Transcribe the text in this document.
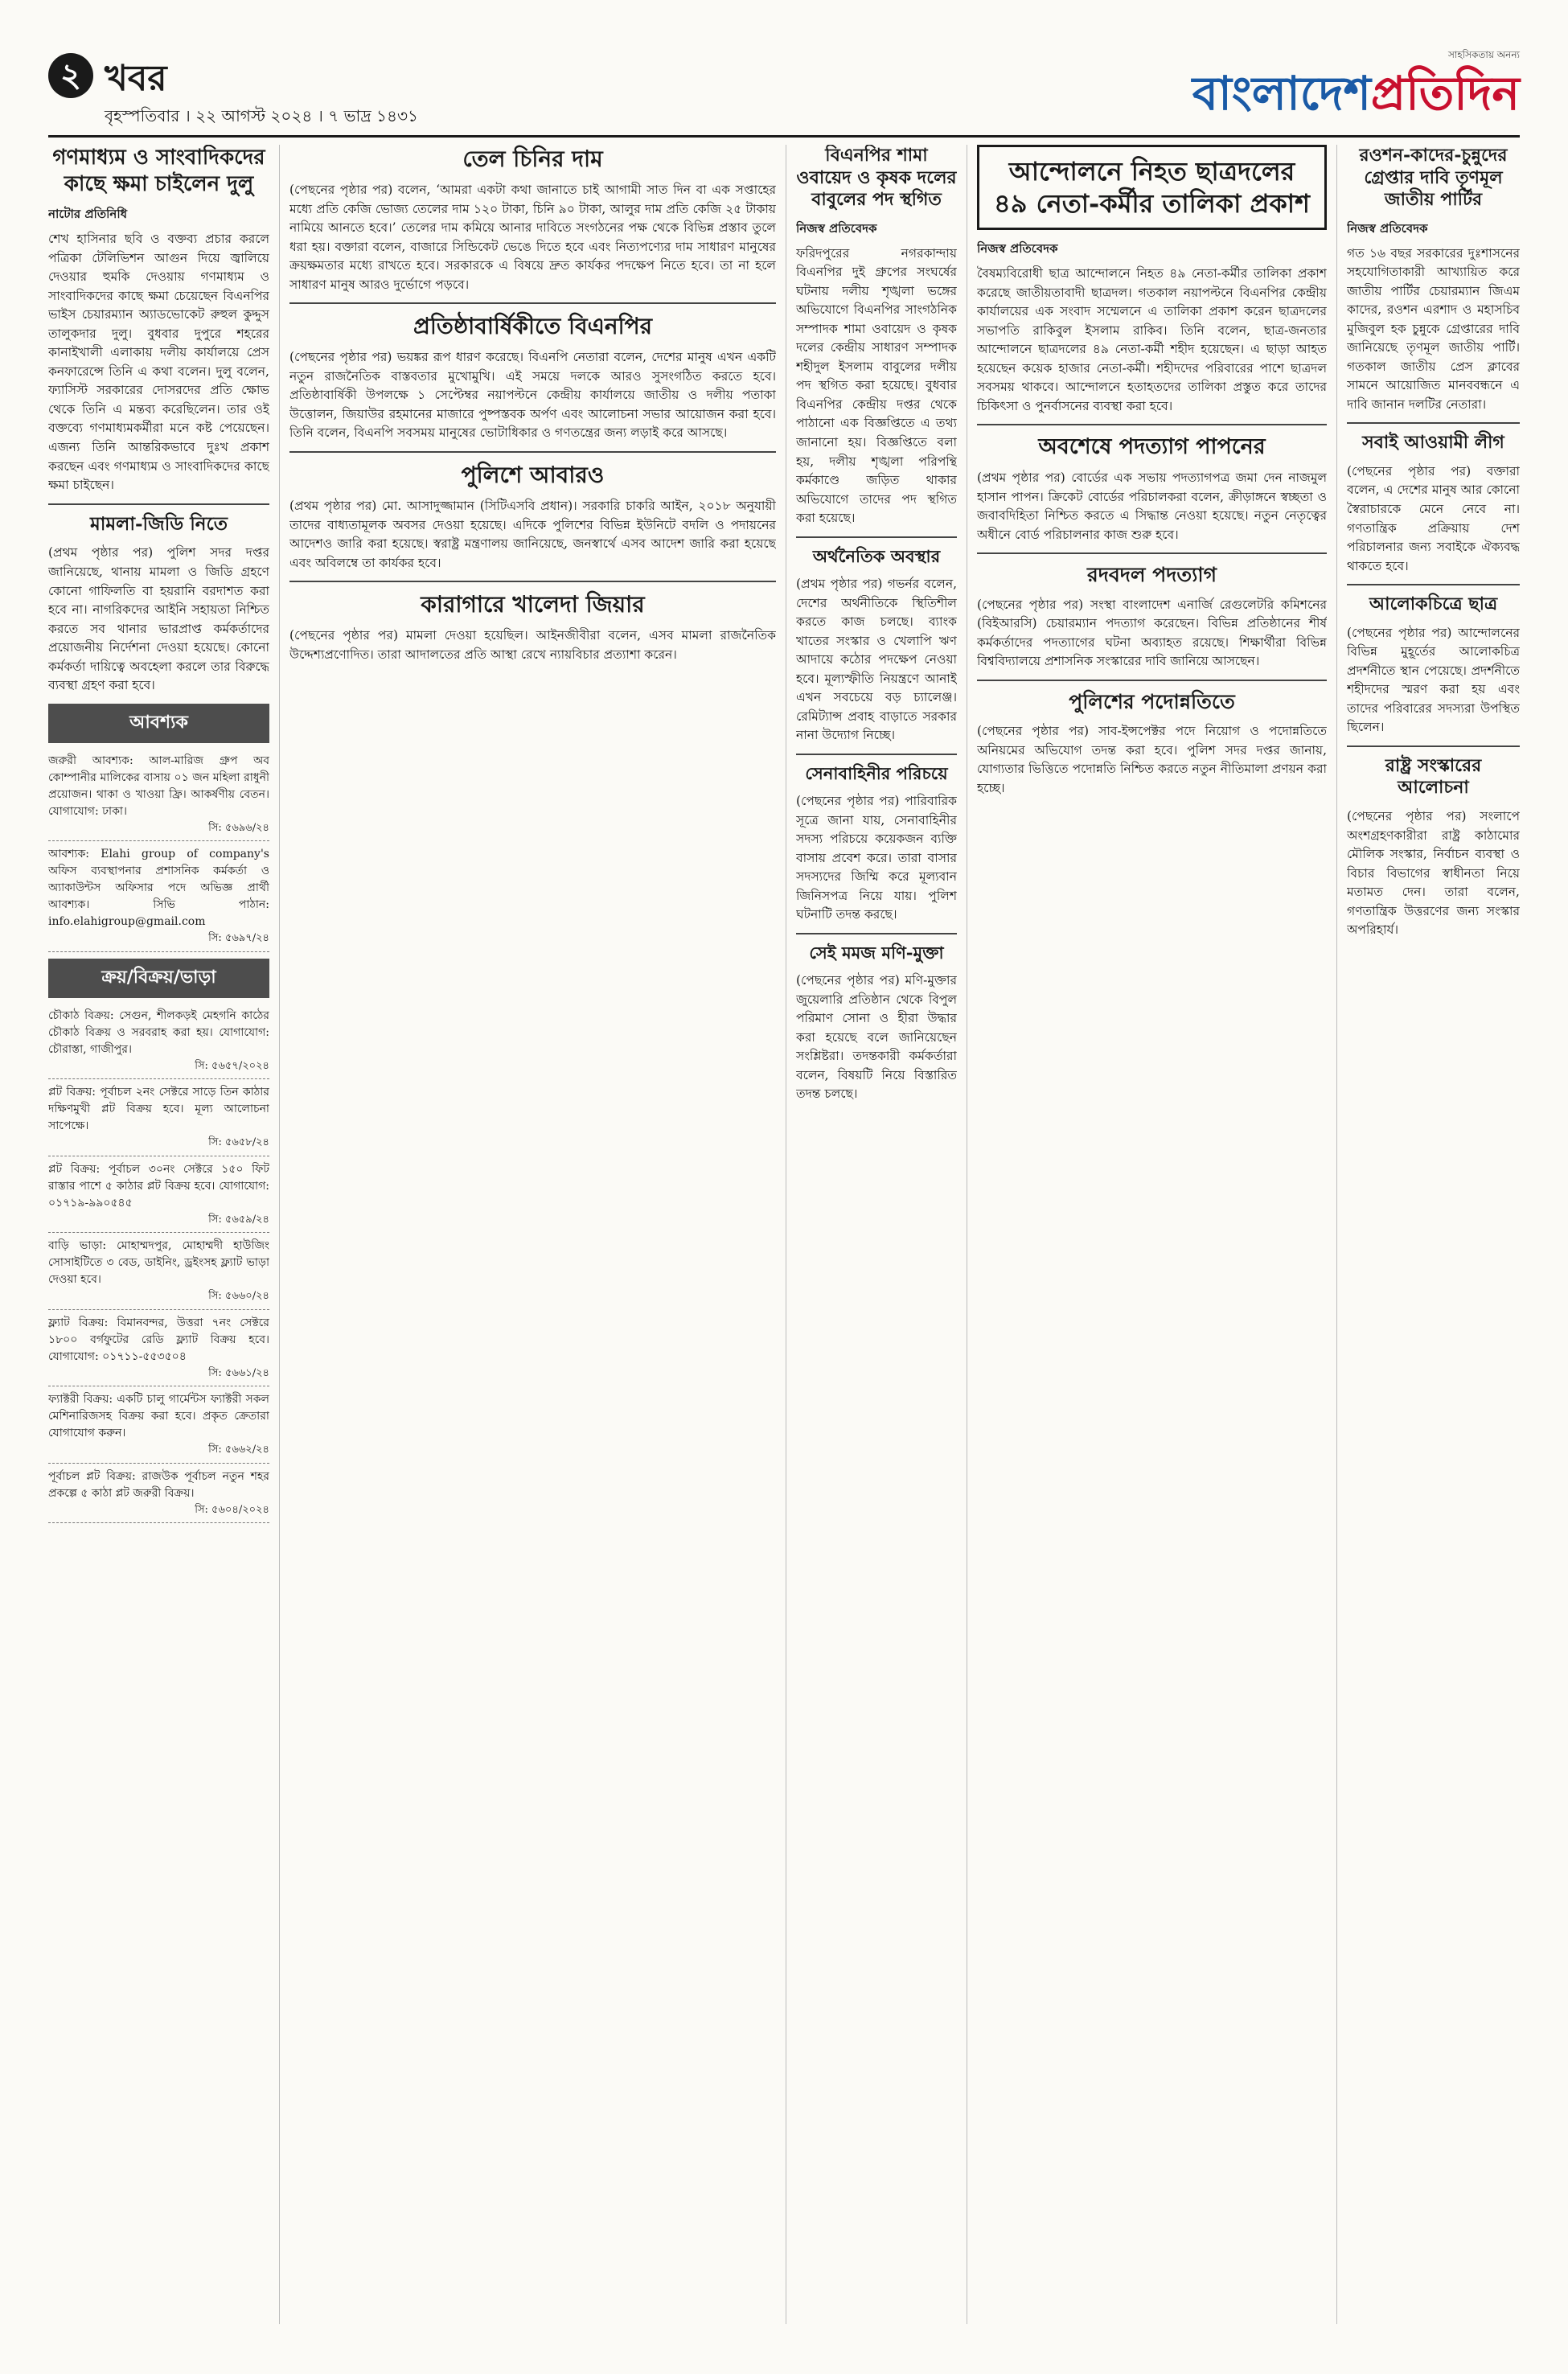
২ খবর
বৃহস্পতিবার । ২২ আগস্ট ২০২৪ । ৭ ভাদ্র ১৪৩১
সাহসিকতায় অনন্য
বাংলাদেশপ্রতিদিন
গণমাধ্যম ও সাংবাদিকদের কাছে ক্ষমা চাইলেন দুলু
নাটোর প্রতিনিধি

শেখ হাসিনার ছবি ও বক্তব্য প্রচার করলে পত্রিকা টেলিভিশন আগুন দিয়ে জ্বালিয়ে দেওয়ার হুমকি দেওয়ায় গণমাধ্যম ও সাংবাদিকদের কাছে ক্ষমা চেয়েছেন বিএনপির ভাইস চেয়ারম্যান অ্যাডভোকেট রুহুল কুদ্দুস তালুকদার দুলু। বুধবার দুপুরে শহরের কানাইখালী এলাকায় দলীয় কার্যালয়ে প্রেস কনফারেন্সে তিনি এ কথা বলেন। দুলু বলেন, ফ্যাসিস্ট সরকারের দোসরদের প্রতি ক্ষোভ থেকে তিনি এ মন্তব্য করেছিলেন। তার ওই বক্তব্যে গণমাধ্যমকর্মীরা মনে কষ্ট পেয়েছেন। এজন্য তিনি আন্তরিকভাবে দুঃখ প্রকাশ করছেন এবং গণমাধ্যম ও সাংবাদিকদের কাছে ক্ষমা চাইছেন।

মামলা-জিডি নিতে

(প্রথম পৃষ্ঠার পর) পুলিশ সদর দপ্তর জানিয়েছে, থানায় মামলা ও জিডি গ্রহণে কোনো গাফিলতি বা হয়রানি বরদাশত করা হবে না। নাগরিকদের আইনি সহায়তা নিশ্চিত করতে সব থানার ভারপ্রাপ্ত কর্মকর্তাদের প্রয়োজনীয় নির্দেশনা দেওয়া হয়েছে। কোনো কর্মকর্তা দায়িত্বে অবহেলা করলে তার বিরুদ্ধে ব্যবস্থা গ্রহণ করা হবে।

আবশ্যক
জরুরী আবশ্যক: আল-মারিজ গ্রুপ অব কোম্পানীর মালিকের বাসায় ০১ জন মহিলা রাধুনী প্রয়োজন। থাকা ও খাওয়া ফ্রি। আকর্ষণীয় বেতন। যোগাযোগ: ঢাকা।
সি: ৫৬৯৬/২৪
আবশ্যক: Elahi group of company's অফিস ব্যবস্থাপনার প্রশাসনিক কর্মকর্তা ও অ্যাকাউন্টস অফিসার পদে অভিজ্ঞ প্রার্থী আবশ্যক। সিভি পাঠান: info.elahigroup@gmail.com
সি: ৫৬৯৭/২৪
ক্রয়/বিক্রয়/ভাড়া
চৌকাঠ বিক্রয়: সেগুন, শীলকড়ই মেহগনি কাঠের চৌকাঠ বিক্রয় ও সরবরাহ করা হয়। যোগাযোগ: চৌরাস্তা, গাজীপুর।
সি: ৫৬৫৭/২০২৪
প্লট বিক্রয়: পূর্বাচল ২নং সেক্টরে সাড়ে তিন কাঠার দক্ষিণমুখী প্লট বিক্রয় হবে। মূল্য আলোচনা সাপেক্ষে।
সি: ৫৬৫৮/২৪
প্লট বিক্রয়: পূর্বাচল ৩০নং সেক্টরে ১৫০ ফিট রাস্তার পাশে ৫ কাঠার প্লট বিক্রয় হবে। যোগাযোগ: ০১৭১৯-৯৯০৫৪৫
সি: ৫৬৫৯/২৪
বাড়ি ভাড়া: মোহাম্মদপুর, মোহাম্মদী হাউজিং সোসাইটিতে ৩ বেড, ডাইনিং, ড্রইংসহ ফ্ল্যাট ভাড়া দেওয়া হবে।
সি: ৫৬৬০/২৪
ফ্ল্যাট বিক্রয়: বিমানবন্দর, উত্তরা ৭নং সেক্টরে ১৮০০ বর্গফুটের রেডি ফ্ল্যাট বিক্রয় হবে। যোগাযোগ: ০১৭১১-৫৫৩৫০৪
সি: ৫৬৬১/২৪
ফ্যাক্টরী বিক্রয়: একটি চালু গার্মেন্টস ফ্যাক্টরী সকল মেশিনারিজসহ বিক্রয় করা হবে। প্রকৃত ক্রেতারা যোগাযোগ করুন।
সি: ৫৬৬২/২৪
পূর্বাচল প্লট বিক্রয়: রাজউক পূর্বাচল নতুন শহর প্রকল্পে ৫ কাঠা প্লট জরুরী বিক্রয়।
সি: ৫৬০৪/২০২৪
তেল চিনির দাম

(পেছনের পৃষ্ঠার পর) বলেন, ‘আমরা একটা কথা জানাতে চাই আগামী সাত দিন বা এক সপ্তাহের মধ্যে প্রতি কেজি ভোজ্য তেলের দাম ১২০ টাকা, চিনি ৯০ টাকা, আলুর দাম প্রতি কেজি ২৫ টাকায় নামিয়ে আনতে হবে।’ তেলের দাম কমিয়ে আনার দাবিতে সংগঠনের পক্ষ থেকে বিভিন্ন প্রস্তাব তুলে ধরা হয়। বক্তারা বলেন, বাজারে সিন্ডিকেট ভেঙে দিতে হবে এবং নিত্যপণ্যের দাম সাধারণ মানুষের ক্রয়ক্ষমতার মধ্যে রাখতে হবে। সরকারকে এ বিষয়ে দ্রুত কার্যকর পদক্ষেপ নিতে হবে। তা না হলে সাধারণ মানুষ আরও দুর্ভোগে পড়বে।

প্রতিষ্ঠাবার্ষিকীতে বিএনপির

(পেছনের পৃষ্ঠার পর) ভয়ঙ্কর রূপ ধারণ করেছে। বিএনপি নেতারা বলেন, দেশের মানুষ এখন একটি নতুন রাজনৈতিক বাস্তবতার মুখোমুখি। এই সময়ে দলকে আরও সুসংগঠিত করতে হবে। প্রতিষ্ঠাবার্ষিকী উপলক্ষে ১ সেপ্টেম্বর নয়াপল্টনে কেন্দ্রীয় কার্যালয়ে জাতীয় ও দলীয় পতাকা উত্তোলন, জিয়াউর রহমানের মাজারে পুষ্পস্তবক অর্পণ এবং আলোচনা সভার আয়োজন করা হবে। তিনি বলেন, বিএনপি সবসময় মানুষের ভোটাধিকার ও গণতন্ত্রের জন্য লড়াই করে আসছে।

পুলিশে আবারও

(প্রথম পৃষ্ঠার পর) মো. আসাদুজ্জামান (সিটিএসবি প্রধান)। সরকারি চাকরি আইন, ২০১৮ অনুযায়ী তাদের বাধ্যতামূলক অবসর দেওয়া হয়েছে। এদিকে পুলিশের বিভিন্ন ইউনিটে বদলি ও পদায়নের আদেশও জারি করা হয়েছে। স্বরাষ্ট্র মন্ত্রণালয় জানিয়েছে, জনস্বার্থে এসব আদেশ জারি করা হয়েছে এবং অবিলম্বে তা কার্যকর হবে।

কারাগারে খালেদা জিয়ার

(পেছনের পৃষ্ঠার পর) মামলা দেওয়া হয়েছিল। আইনজীবীরা বলেন, এসব মামলা রাজনৈতিক উদ্দেশ্যপ্রণোদিত। তারা আদালতের প্রতি আস্থা রেখে ন্যায়বিচার প্রত্যাশা করেন।

বিএনপির শামা ওবায়েদ ও কৃষক দলের বাবুলের পদ স্থগিত
নিজস্ব প্রতিবেদক

ফরিদপুরের নগরকান্দায় বিএনপির দুই গ্রুপের সংঘর্ষের ঘটনায় দলীয় শৃঙ্খলা ভঙ্গের অভিযোগে বিএনপির সাংগঠনিক সম্পাদক শামা ওবায়েদ ও কৃষক দলের কেন্দ্রীয় সাধারণ সম্পাদক শহীদুল ইসলাম বাবুলের দলীয় পদ স্থগিত করা হয়েছে। বুধবার বিএনপির কেন্দ্রীয় দপ্তর থেকে পাঠানো এক বিজ্ঞপ্তিতে এ তথ্য জানানো হয়। বিজ্ঞপ্তিতে বলা হয়, দলীয় শৃঙ্খলা পরিপন্থি কর্মকাণ্ডে জড়িত থাকার অভিযোগে তাদের পদ স্থগিত করা হয়েছে।

অর্থনৈতিক অবস্থার

(প্রথম পৃষ্ঠার পর) গভর্নর বলেন, দেশের অর্থনীতিকে স্থিতিশীল করতে কাজ চলছে। ব্যাংক খাতের সংস্কার ও খেলাপি ঋণ আদায়ে কঠোর পদক্ষেপ নেওয়া হবে। মূল্যস্ফীতি নিয়ন্ত্রণে আনাই এখন সবচেয়ে বড় চ্যালেঞ্জ। রেমিট্যান্স প্রবাহ বাড়াতে সরকার নানা উদ্যোগ নিচ্ছে।

সেনাবাহিনীর পরিচয়ে

(পেছনের পৃষ্ঠার পর) পারিবারিক সূত্রে জানা যায়, সেনাবাহিনীর সদস্য পরিচয়ে কয়েকজন ব্যক্তি বাসায় প্রবেশ করে। তারা বাসার সদস্যদের জিম্মি করে মূল্যবান জিনিসপত্র নিয়ে যায়। পুলিশ ঘটনাটি তদন্ত করছে।

সেই মমজ মণি-মুক্তা

(পেছনের পৃষ্ঠার পর) মণি-মুক্তার জুয়েলারি প্রতিষ্ঠান থেকে বিপুল পরিমাণ সোনা ও হীরা উদ্ধার করা হয়েছে বলে জানিয়েছেন সংশ্লিষ্টরা। তদন্তকারী কর্মকর্তারা বলেন, বিষয়টি নিয়ে বিস্তারিত তদন্ত চলছে।

আন্দোলনে নিহত ছাত্রদলের ৪৯ নেতা-কর্মীর তালিকা প্রকাশ
নিজস্ব প্রতিবেদক

বৈষম্যবিরোধী ছাত্র আন্দোলনে নিহত ৪৯ নেতা-কর্মীর তালিকা প্রকাশ করেছে জাতীয়তাবাদী ছাত্রদল। গতকাল নয়াপল্টনে বিএনপির কেন্দ্রীয় কার্যালয়ের এক সংবাদ সম্মেলনে এ তালিকা প্রকাশ করেন ছাত্রদলের সভাপতি রাকিবুল ইসলাম রাকিব। তিনি বলেন, ছাত্র-জনতার আন্দোলনে ছাত্রদলের ৪৯ নেতা-কর্মী শহীদ হয়েছেন। এ ছাড়া আহত হয়েছেন কয়েক হাজার নেতা-কর্মী। শহীদদের পরিবারের পাশে ছাত্রদল সবসময় থাকবে। আন্দোলনে হতাহতদের তালিকা প্রস্তুত করে তাদের চিকিৎসা ও পুনর্বাসনের ব্যবস্থা করা হবে।

অবশেষে পদত্যাগ পাপনের

(প্রথম পৃষ্ঠার পর) বোর্ডের এক সভায় পদত্যাগপত্র জমা দেন নাজমুল হাসান পাপন। ক্রিকেট বোর্ডের পরিচালকরা বলেন, ক্রীড়াঙ্গনে স্বচ্ছতা ও জবাবদিহিতা নিশ্চিত করতে এ সিদ্ধান্ত নেওয়া হয়েছে। নতুন নেতৃত্বের অধীনে বোর্ড পরিচালনার কাজ শুরু হবে।

রদবদল পদত্যাগ

(পেছনের পৃষ্ঠার পর) সংস্থা বাংলাদেশ এনার্জি রেগুলেটরি কমিশনের (বিইআরসি) চেয়ারম্যান পদত্যাগ করেছেন। বিভিন্ন প্রতিষ্ঠানের শীর্ষ কর্মকর্তাদের পদত্যাগের ঘটনা অব্যাহত রয়েছে। শিক্ষার্থীরা বিভিন্ন বিশ্ববিদ্যালয়ে প্রশাসনিক সংস্কারের দাবি জানিয়ে আসছেন।

পুলিশের পদোন্নতিতে

(পেছনের পৃষ্ঠার পর) সাব-ইন্সপেক্টর পদে নিয়োগ ও পদোন্নতিতে অনিয়মের অভিযোগ তদন্ত করা হবে। পুলিশ সদর দপ্তর জানায়, যোগ্যতার ভিত্তিতে পদোন্নতি নিশ্চিত করতে নতুন নীতিমালা প্রণয়ন করা হচ্ছে।

রওশন-কাদের-চুন্নুদের গ্রেপ্তার দাবি তৃণমূল জাতীয় পার্টির
নিজস্ব প্রতিবেদক

গত ১৬ বছর সরকারের দুঃশাসনের সহযোগিতাকারী আখ্যায়িত করে জাতীয় পার্টির চেয়ারম্যান জিএম কাদের, রওশন এরশাদ ও মহাসচিব মুজিবুল হক চুন্নুকে গ্রেপ্তারের দাবি জানিয়েছে তৃণমূল জাতীয় পার্টি। গতকাল জাতীয় প্রেস ক্লাবের সামনে আয়োজিত মানববন্ধনে এ দাবি জানান দলটির নেতারা।

সবাই আওয়ামী লীগ

(পেছনের পৃষ্ঠার পর) বক্তারা বলেন, এ দেশের মানুষ আর কোনো স্বৈরাচারকে মেনে নেবে না। গণতান্ত্রিক প্রক্রিয়ায় দেশ পরিচালনার জন্য সবাইকে ঐক্যবদ্ধ থাকতে হবে।

আলোকচিত্রে ছাত্র

(পেছনের পৃষ্ঠার পর) আন্দোলনের বিভিন্ন মুহূর্তের আলোকচিত্র প্রদর্শনীতে স্থান পেয়েছে। প্রদর্শনীতে শহীদদের স্মরণ করা হয় এবং তাদের পরিবারের সদস্যরা উপস্থিত ছিলেন।

রাষ্ট্র সংস্কারের আলোচনা

(পেছনের পৃষ্ঠার পর) সংলাপে অংশগ্রহণকারীরা রাষ্ট্র কাঠামোর মৌলিক সংস্কার, নির্বাচন ব্যবস্থা ও বিচার বিভাগের স্বাধীনতা নিয়ে মতামত দেন। তারা বলেন, গণতান্ত্রিক উত্তরণের জন্য সংস্কার অপরিহার্য।
